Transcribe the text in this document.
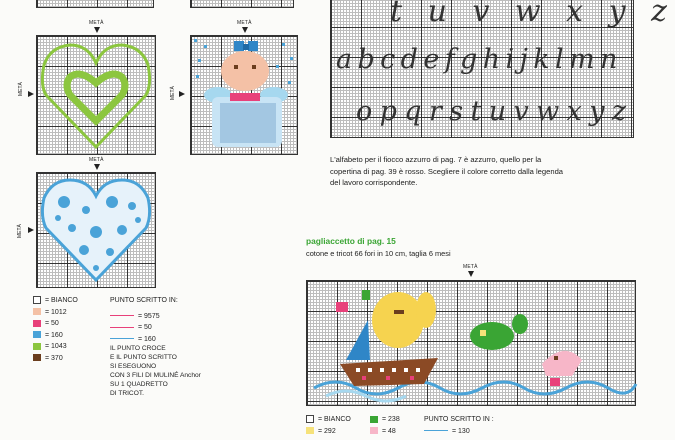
METÀ
METÀ
METÀ
METÀ
METÀ
METÀ
= BIANCO
= 1012
= 50
= 160
= 1043
= 370
PUNTO SCRITTO IN:
= 9575
= 50
= 160
IL PUNTO CROCE
E IL PUNTO SCRITTO
SI ESEGUONO
CON 3 FILI DI MULINÉ Anchor
SU 1 QUADRETTO
DI TRICOT.
t u v w x y z
a b c d e f g h i j k l m n
o p q r s t u v w x y z
L'alfabeto per il fiocco azzurro di pag. 7 è azzurro, quello per la
copertina di pag. 39 è rosso. Scegliere il colore corretto dalla legenda
del lavoro corrispondente.
pagliaccetto di pag. 15
cotone e tricot 66 fori in 10 cm, taglia 6 mesi
METÀ
= BIANCO
= 292
= 238
= 48
PUNTO SCRITTO IN :
= 130
